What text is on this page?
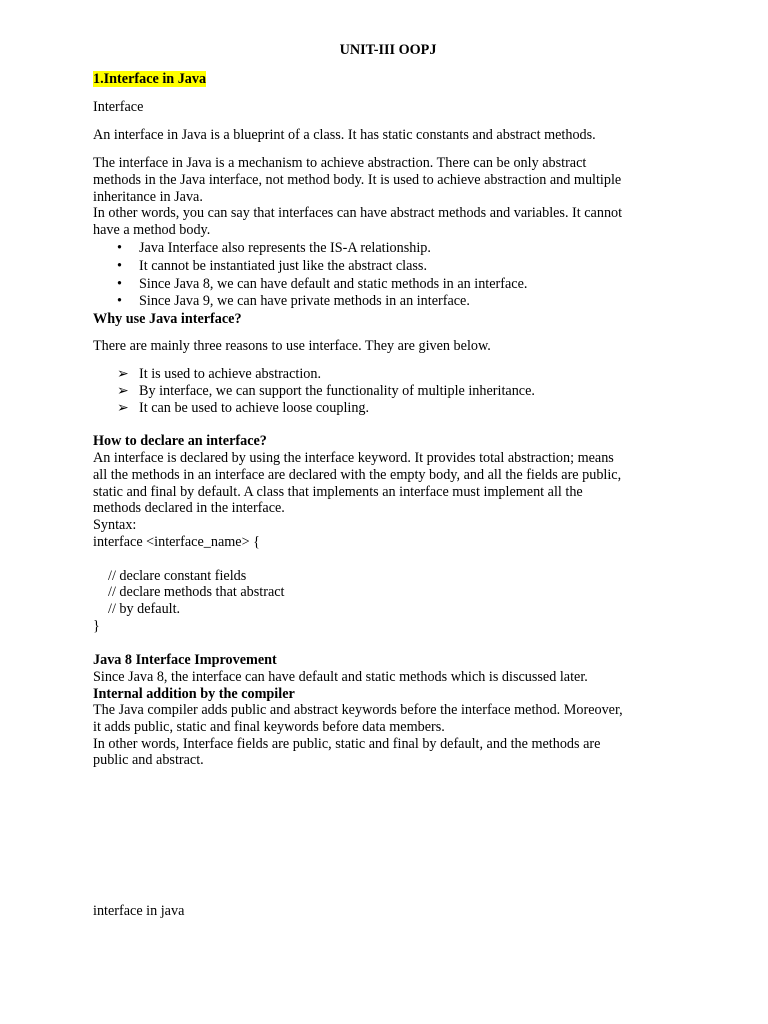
UNIT-III OOPJ
1.Interface in Java
Interface
An interface in Java is a blueprint of a class. It has static constants and abstract methods.
The interface in Java is a mechanism to achieve abstraction. There can be only abstract
methods in the Java interface, not method body. It is used to achieve abstraction and multiple
inheritance in Java.
In other words, you can say that interfaces can have abstract methods and variables. It cannot
have a method body.
• Java Interface also represents the IS-A relationship.
• It cannot be instantiated just like the abstract class.
• Since Java 8, we can have default and static methods in an interface.
• Since Java 9, we can have private methods in an interface.
Why use Java interface?
There are mainly three reasons to use interface. They are given below.
➢ It is used to achieve abstraction.
➢ By interface, we can support the functionality of multiple inheritance.
➢ It can be used to achieve loose coupling.
How to declare an interface?
An interface is declared by using the interface keyword. It provides total abstraction; means
all the methods in an interface are declared with the empty body, and all the fields are public,
static and final by default. A class that implements an interface must implement all the
methods declared in the interface.
Syntax:
interface <interface_name> {
// declare constant fields
// declare methods that abstract
// by default.
}
Java 8 Interface Improvement
Since Java 8, the interface can have default and static methods which is discussed later.
Internal addition by the compiler
The Java compiler adds public and abstract keywords before the interface method. Moreover,
it adds public, static and final keywords before data members.
In other words, Interface fields are public, static and final by default, and the methods are
public and abstract.
interface in java
